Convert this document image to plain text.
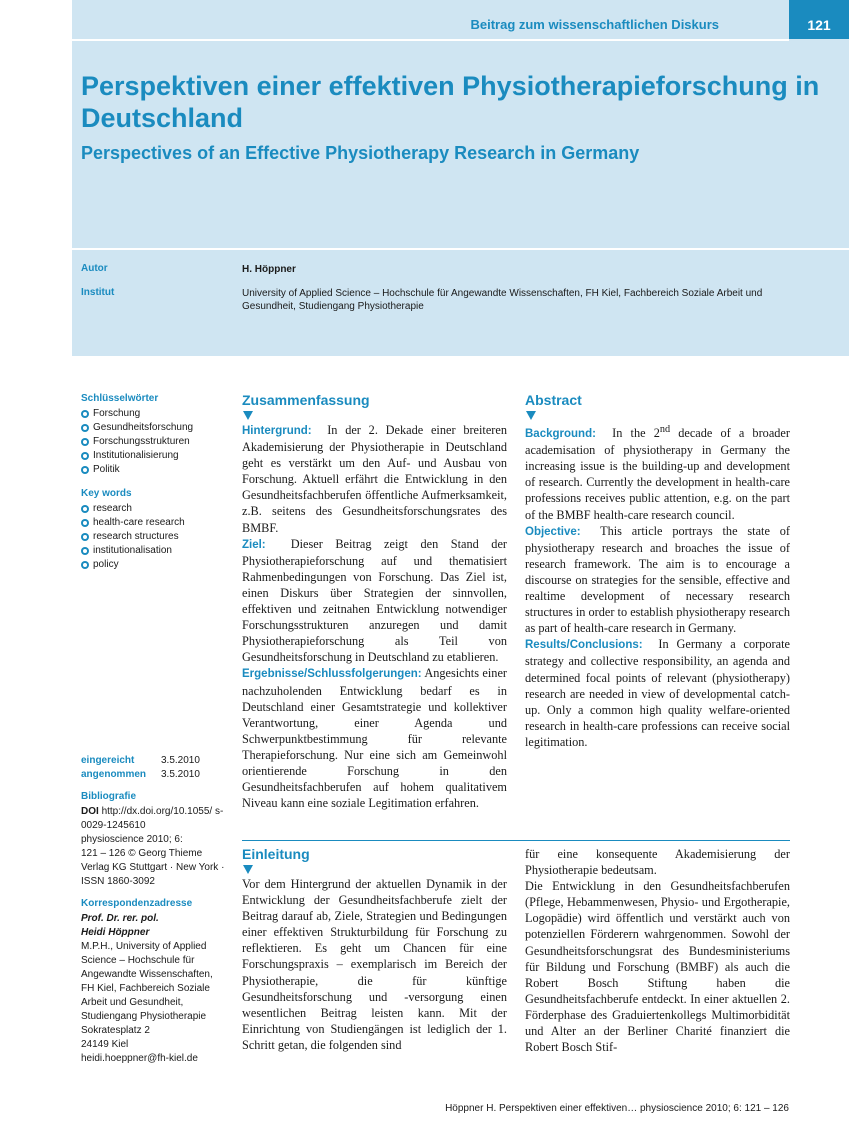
Beitrag zum wissenschaftlichen Diskurs	121
Perspektiven einer effektiven Physiotherapieforschung in Deutschland
Perspectives of an Effective Physiotherapy Research in Germany
Autor	H. Höppner
Institut	University of Applied Science – Hochschule für Angewandte Wissenschaften, FH Kiel, Fachbereich Soziale Arbeit und Gesundheit, Studiengang Physiotherapie
Schlüsselwörter
Forschung
Gesundheitsforschung
Forschungsstrukturen
Institutionalisierung
Politik
Key words
research
health-care research
research structures
institutionalisation
policy
eingereicht	3.5.2010
angenommen	3.5.2010
Bibliografie

DOI http://dx.doi.org/10.1055/ s-0029-1245610

physioscience 2010; 6:

121 – 126 © Georg Thieme

Verlag KG Stuttgart · New York ·

ISSN 1860-3092

Korrespondenzadresse

Prof. Dr. rer. pol.

Heidi Höppner

M.P.H., University of Applied

Science – Hochschule für

Angewandte Wissenschaften,

FH Kiel, Fachbereich Soziale

Arbeit und Gesundheit,

Studiengang Physiotherapie

Sokratesplatz 2

24149 Kiel

heidi.hoeppner@fh-kiel.de

Zusammenfassung

Hintergrund: In der 2. Dekade einer breiteren Akademisierung der Physiotherapie in Deutschland geht es verstärkt um den Auf- und Ausbau von Forschung. Aktuell erfährt die Entwicklung in den Gesundheitsfachberufen öffentliche Aufmerksamkeit, z.B. seitens des Gesundheitsforschungsrates des BMBF.

Ziel: Dieser Beitrag zeigt den Stand der Physiotherapieforschung auf und thematisiert Rahmenbedingungen von Forschung. Das Ziel ist, einen Diskurs über Strategien der sinnvollen, effektiven und zeitnahen Entwicklung notwendiger Forschungsstrukturen anzuregen und damit Physiotherapieforschung als Teil von Gesundheitsforschung in Deutschland zu etablieren.

Ergebnisse/Schlussfolgerungen: Angesichts einer nachzuholenden Entwicklung bedarf es in Deutschland einer Gesamtstrategie und kollektiver Verantwortung, einer Agenda und Schwerpunktbestimmung für relevante Therapieforschung. Nur eine sich am Gemeinwohl orientierende Forschung in den Gesundheitsfachberufen auf hohem qualitativem Niveau kann eine soziale Legitimation erfahren.

Abstract

Background: In the 2nd decade of a broader academisation of physiotherapy in Germany the increasing issue is the building-up and development of research. Currently the development in health-care professions receives public attention, e.g. on the part of the BMBF health-care research council.

Objective: This article portrays the state of physiotherapy research and broaches the issue of research framework. The aim is to encourage a discourse on strategies for the sensible, effective and realtime development of necessary research structures in order to establish physiotherapy research as part of health-care research in Germany.

Results/Conclusions: In Germany a corporate strategy and collective responsibility, an agenda and determined focal points of relevant (physiotherapy) research are needed in view of developmental catch-up. Only a common high quality welfare-oriented research in health-care professions can receive social legitimation.

Einleitung

Vor dem Hintergrund der aktuellen Dynamik in der Entwicklung der Gesundheitsfachberufe zielt der Beitrag darauf ab, Ziele, Strategien und Bedingungen einer effektiven Strukturbildung für Forschung zu reflektieren. Es geht um Chancen für eine Forschungspraxis – exemplarisch im Bereich der Physiotherapie, die für künftige Gesundheitsforschung und -versorgung einen wesentlichen Beitrag leisten kann. Mit der Einrichtung von Studiengängen ist lediglich der 1. Schritt getan, die folgenden sind

für eine konsequente Akademisierung der Physiotherapie bedeutsam.

Die Entwicklung in den Gesundheitsfachberufen (Pflege, Hebammenwesen, Physio- und Ergotherapie, Logopädie) wird öffentlich und verstärkt auch von potenziellen Förderern wahrgenommen. Sowohl der Gesundheitsforschungsrat des Bundesministeriums für Bildung und Forschung (BMBF) als auch die Robert Bosch Stiftung haben die Gesundheitsfachberufe entdeckt. In einer aktuellen 2. Förderphase des Graduiertenkollegs Multimorbidität und Alter an der Berliner Charité finanziert die Robert Bosch Stif-

Höppner H. Perspektiven einer effektiven… physioscience 2010; 6: 121 – 126
